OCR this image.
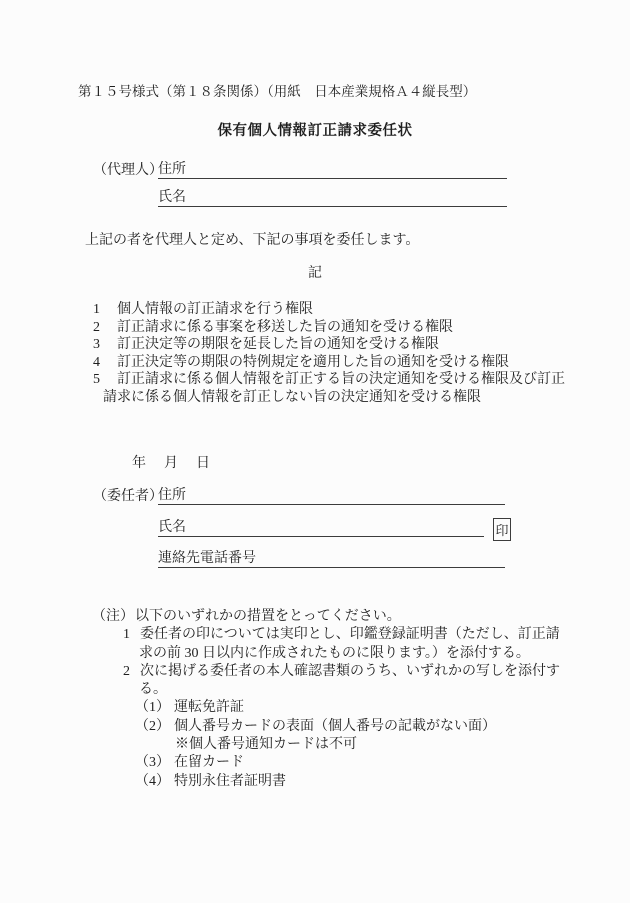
第１５号様式（第１８条関係）（用紙　日本産業規格Ａ４縦長型）
保有個人情報訂正請求委任状
（代理人）
住所
氏名
上記の者を代理人と定め、下記の事項を委任します。
記
1 個人情報の訂正請求を行う権限
2 訂正請求に係る事案を移送した旨の通知を受ける権限
3 訂正決定等の期限を延長した旨の通知を受ける権限
4 訂正決定等の期限の特例規定を適用した旨の通知を受ける権限
5 訂正請求に係る個人情報を訂正する旨の決定通知を受ける権限及び訂正
請求に係る個人情報を訂正しない旨の決定通知を受ける権限
年　月　日
（委任者）
住所
氏名	印
連絡先電話番号
（注）以下のいずれかの措置をとってください。
1 委任者の印については実印とし、印鑑登録証明書（ただし、訂正請
求の前 30 日以内に作成されたものに限ります。）を添付する。
2 次に掲げる委任者の本人確認書類のうち、いずれかの写しを添付す
る。
（1） 運転免許証
（2） 個人番号カードの表面（個人番号の記載がない面）
※個人番号通知カードは不可
（3） 在留カード
（4） 特別永住者証明書
